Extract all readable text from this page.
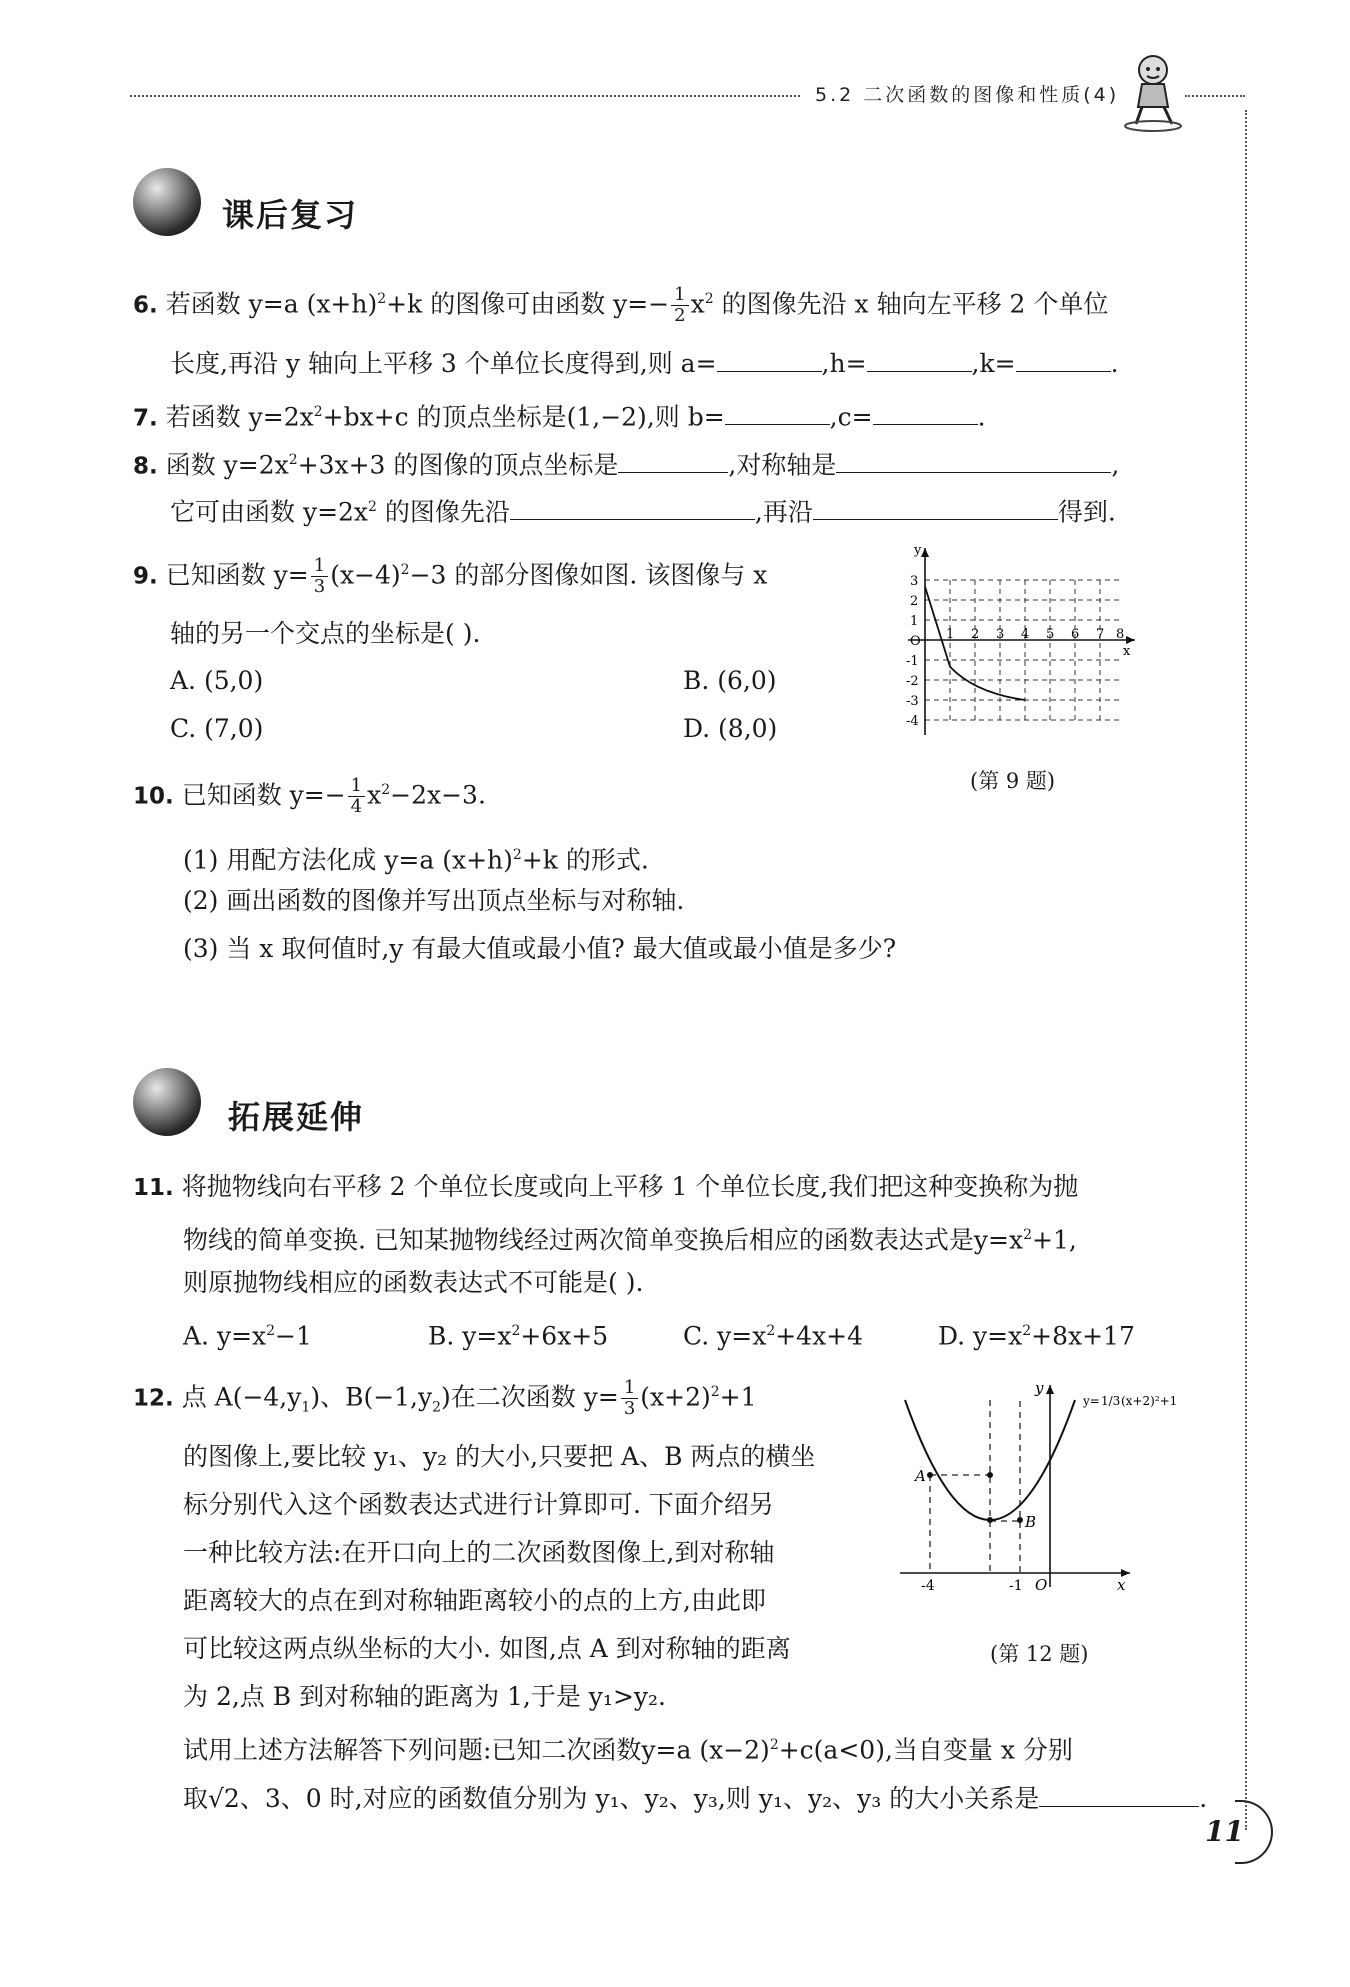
5.2 二次函数的图像和性质(4)
课后复习
6. 若函数 y=a $(x+h)^2+k$ 的图像可由函数 $y=- \frac{1}{2} x^2$ 的图像先沿 x 轴向左平移 2 个单位
长度,再沿 y 轴向上平移 3 个单位长度得到,则 a=	,h=	,k=	.
7. 若函数 $y=2x^2+bx+c$ 的顶点坐标是(1,−2),则 b=	,c=	.
8. 函数 $y=2x^2+3x+3$ 的图像的顶点坐标是	,对称轴是	,
它可由函数 $y=2x^2$ 的图像先沿	,再沿	得到.
9. 已知函数 $y= \frac{1}{3} (x-4)^2-3$ 的部分图像如图. 该图像与 x
轴的另一个交点的坐标是( ).
A. (5,0)	B. (6,0)
C. (7,0)	D. (8,0)
y
x
3
2
1
O
-1
-2
-3
-4
1 2 3 4 5 6 7 8
(第 9 题)
10. 已知函数 $y=- \frac{1}{4} x^2-2x-3$.
(1) 用配方法化成 y=a $(x+h)^2+k$ 的形式.
(2) 画出函数的图像并写出顶点坐标与对称轴.
(3) 当 x 取何值时,y 有最大值或最小值? 最大值或最小值是多少?
拓展延伸
11. 将抛物线向右平移 2 个单位长度或向上平移 1 个单位长度,我们把这种变换称为抛
物线的简单变换. 已知某抛物线经过两次简单变换后相应的函数表达式是$y=x^2+1$,
则原抛物线相应的函数表达式不可能是( ).
A. $y=x^2-1$	B. $y=x^2+6x+5$	C. $y=x^2+4x+4$	D. $y=x^2+8x+17$
12. 点 $A(-4,y_1)$、$B(-1,y_2)$在二次函数 $y= \frac{1}{3} (x+2)^2+1$
的图像上,要比较 y₁、y₂ 的大小,只要把 A、B 两点的横坐
标分别代入这个函数表达式进行计算即可. 下面介绍另
一种比较方法:在开口向上的二次函数图像上,到对称轴
距离较大的点在到对称轴距离较小的点的上方,由此即
可比较这两点纵坐标的大小. 如图,点 A 到对称轴的距离
为 2,点 B 到对称轴的距离为 1,于是 y₁>y₂.
试用上述方法解答下列问题:已知二次函数y=a $(x-2)^2+c(a<0)$,当自变量 x 分别
取√2、3、0 时,对应的函数值分别为 y₁、y₂、y₃,则 y₁、y₂、y₃ 的大小关系是	.
A
B
y
x
O
-4	-1
y= 1/3 (x+2)²+1
(第 12 题)
11
